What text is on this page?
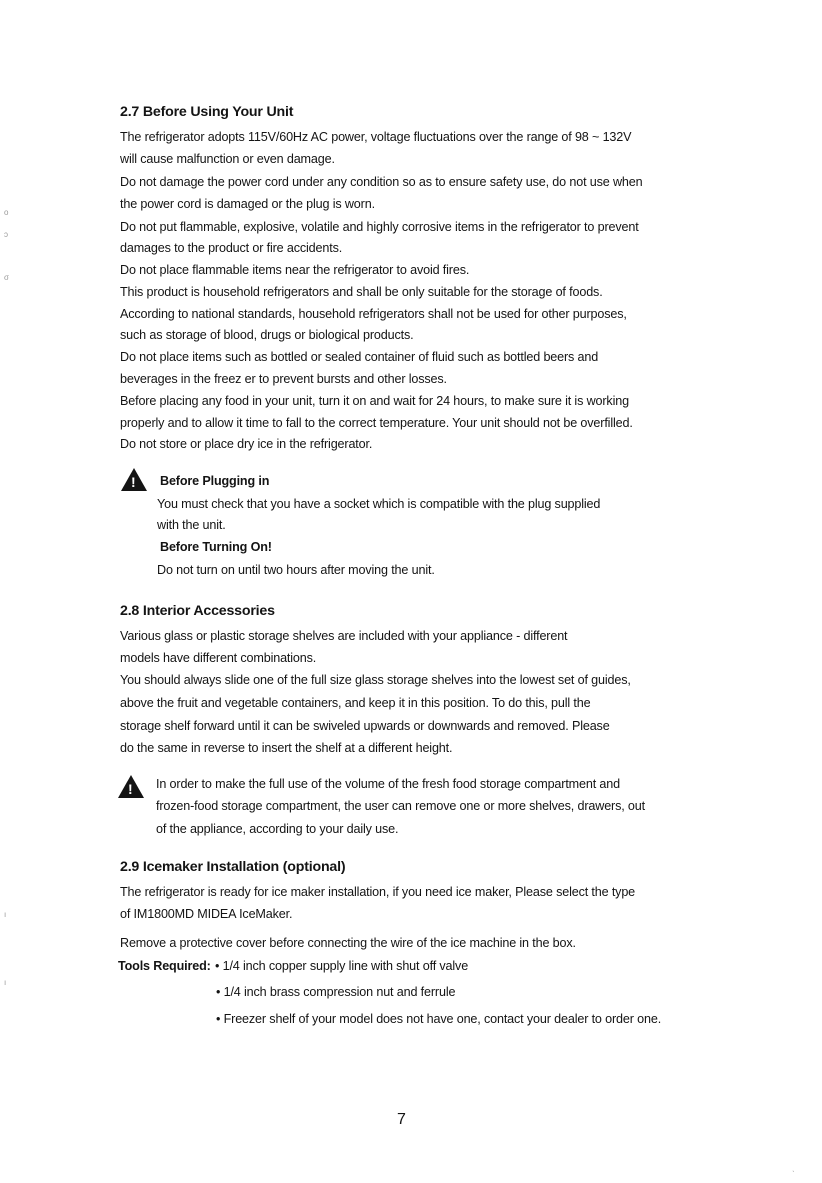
o
ɔ
σ
ı
ı
ˋ
2.7 Before Using Your Unit
The refrigerator adopts 115V/60Hz AC power, voltage fluctuations over the range of 98 ~ 132V
will cause malfunction or even damage.
Do not damage the power cord under any condition so as to ensure safety use, do not use when
the power cord is damaged or the plug is worn.
Do not put flammable, explosive, volatile and highly corrosive items in the refrigerator to prevent
damages to the product or fire accidents.
Do not place flammable items near the refrigerator to avoid fires.
This product is household refrigerators and shall be only suitable for the storage of foods.
According to national standards, household refrigerators shall not be used for other purposes,
such as storage of blood, drugs or biological products.
Do not place items such as bottled or sealed container of fluid such as bottled beers and
beverages in the freez er to prevent bursts and other losses.
Before placing any food in your unit, turn it on and wait for 24 hours, to make sure it is working
properly and to allow it time to fall to the correct temperature. Your unit should not be overfilled.
Do not store or place dry ice in the refrigerator.
!
Before Plugging in
You must check that you have a socket which is compatible with the plug supplied
with the unit.
Before Turning On!
Do not turn on until two hours after moving the unit.
2.8 Interior Accessories
Various glass or plastic storage shelves are included with your appliance - different
models have different combinations.
You should always slide one of the full size glass storage shelves into the lowest set of guides,
above the fruit and vegetable containers, and keep it in this position. To do this, pull the
storage shelf forward until it can be swiveled upwards or downwards and removed. Please
do the same in reverse to insert the shelf at a different height.
!
In order to make the full use of the volume of the fresh food storage compartment and
frozen-food storage compartment, the user can remove one or more shelves, drawers, out
of the appliance, according to your daily use.
2.9 Icemaker Installation (optional)
The refrigerator is ready for ice maker installation, if you need ice maker, Please select the type
of IM1800MD MIDEA IceMaker.
Remove a protective cover before connecting the wire of the ice machine in the box.
Tools Required: • 1/4 inch copper supply line with shut off valve
• 1/4 inch brass compression nut and ferrule
• Freezer shelf of your model does not have one, contact your dealer to order one.
7
